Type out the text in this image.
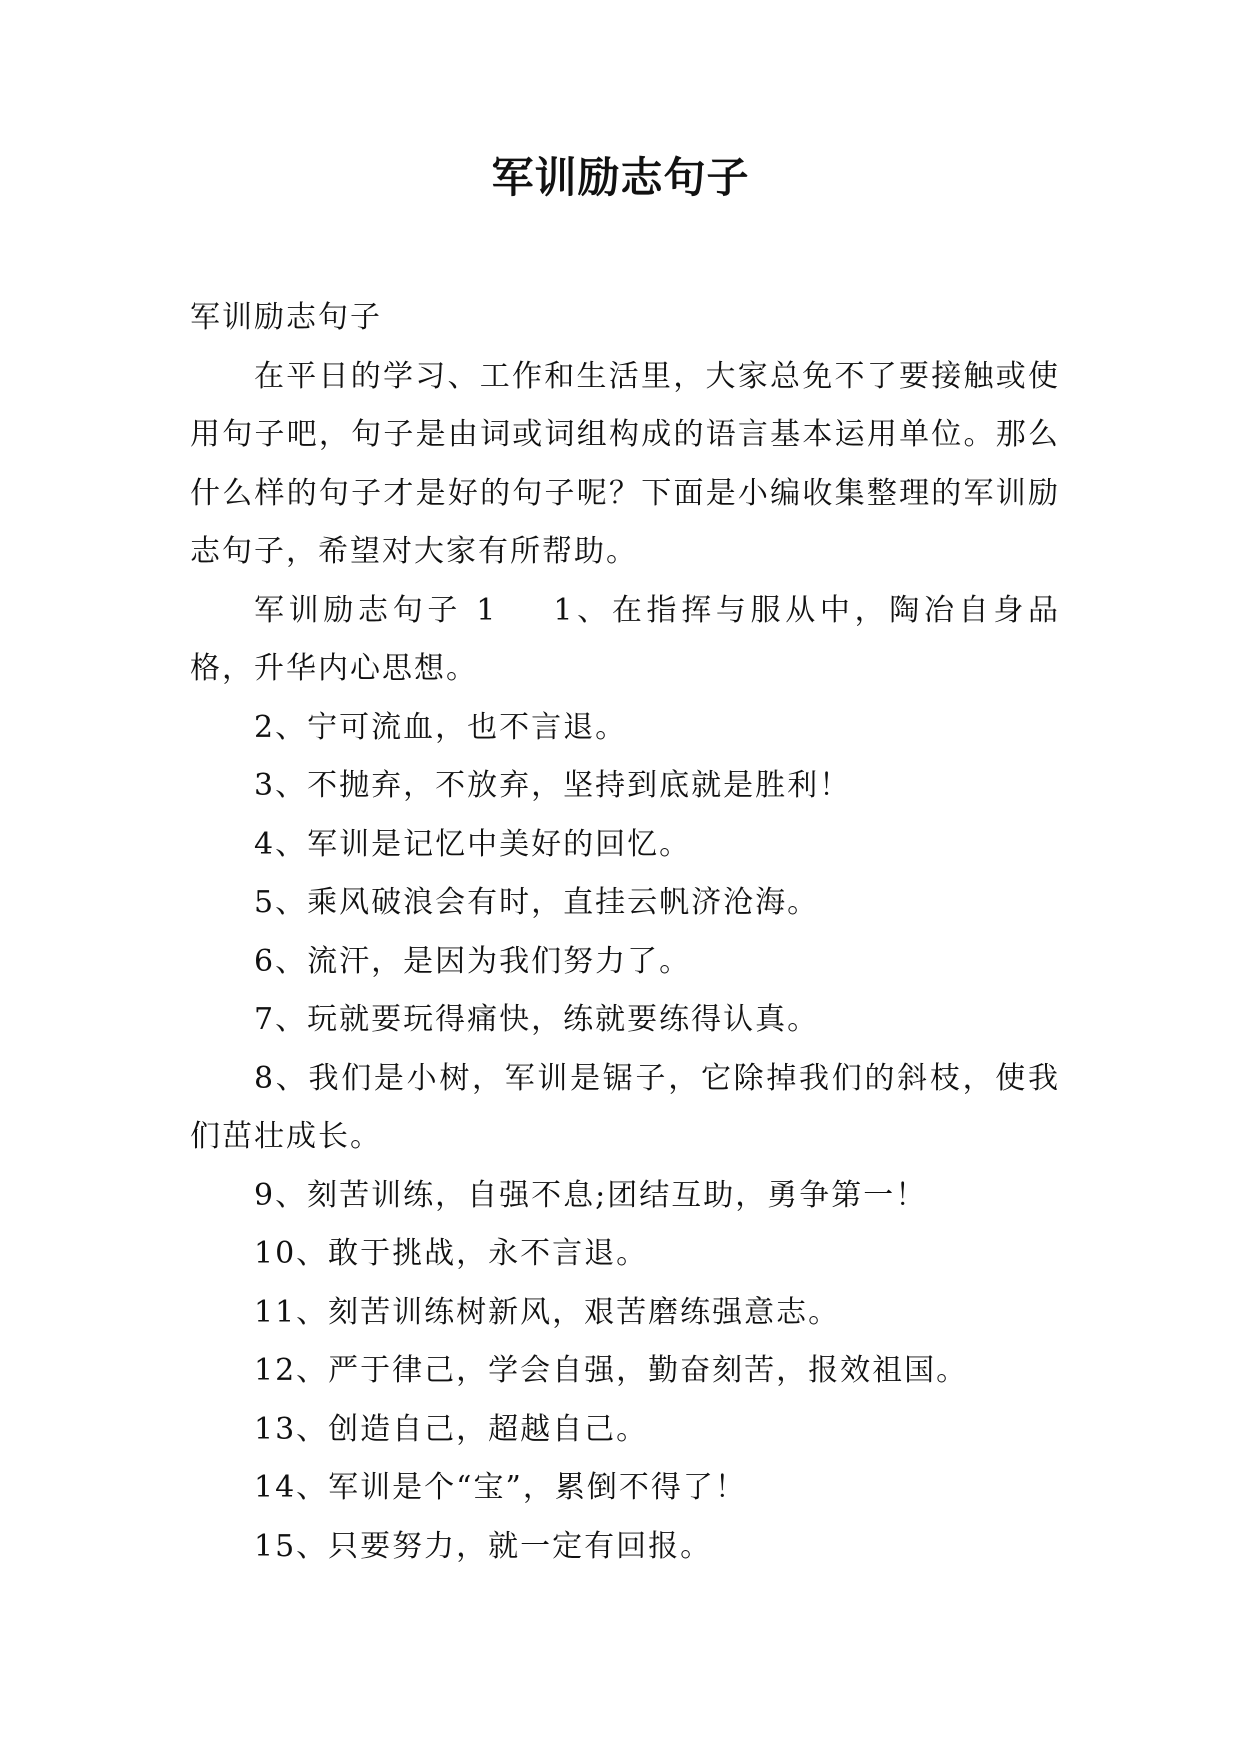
军训励志句子

军训励志句子

在平日的学习、工作和生活里，大家总免不了要接触或使用句子吧，句子是由词或词组构成的语言基本运用单位。那么什么样的句子才是好的句子呢？下面是小编收集整理的军训励志句子，希望对大家有所帮助。

军训励志句子 1 1、在指挥与服从中，陶冶自身品格，升华内心思想。

2、宁可流血，也不言退。

3、不抛弃，不放弃，坚持到底就是胜利！

4、军训是记忆中美好的回忆。

5、乘风破浪会有时，直挂云帆济沧海。

6、流汗，是因为我们努力了。

7、玩就要玩得痛快，练就要练得认真。

8、我们是小树，军训是锯子，它除掉我们的斜枝，使我们茁壮成长。

9、刻苦训练，自强不息;团结互助，勇争第一！

10、敢于挑战，永不言退。

11、刻苦训练树新风，艰苦磨练强意志。

12、严于律己，学会自强，勤奋刻苦，报效祖国。

13、创造自己，超越自己。

14、军训是个“宝”，累倒不得了！

15、只要努力，就一定有回报。
